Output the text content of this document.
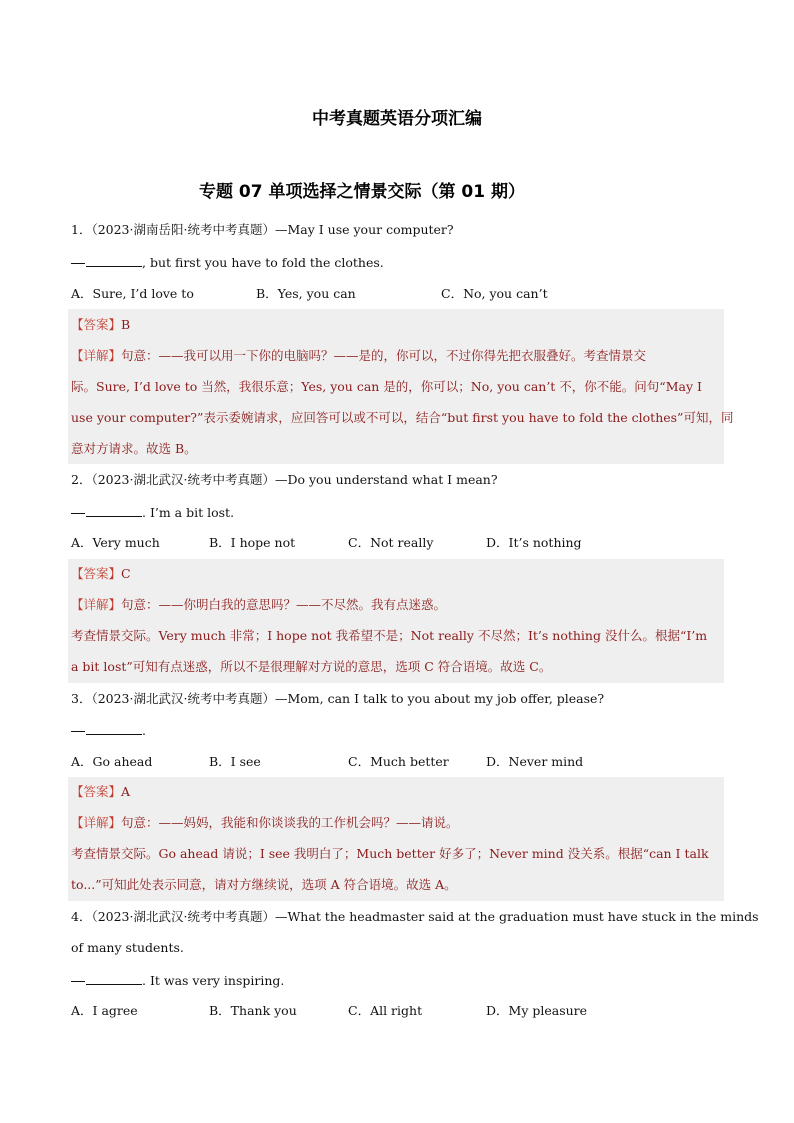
中考真题英语分项汇编
专题 07 单项选择之情景交际（第 01 期）
1．（2023·湖南岳阳·统考中考真题）—May I use your computer?
, but first you have to fold the clothes.
A．Sure, I’d love to	B．Yes, you can	C．No, you can’t
【答案】B
【详解】句意：——我可以用一下你的电脑吗？——是的，你可以，不过你得先把衣服叠好。考查情景交
际。Sure, I’d love to 当然，我很乐意；Yes, you can 是的，你可以；No, you can’t 不，你不能。问句“May I
use your computer?”表示委婉请求，应回答可以或不可以，结合“but first you have to fold the clothes”可知，同
意对方请求。故选 B。
2．（2023·湖北武汉·统考中考真题）—Do you understand what I mean?
. I’m a bit lost.
A．Very much	B．I hope not	C．Not really	D．It’s nothing
【答案】C
【详解】句意：——你明白我的意思吗？——不尽然。我有点迷惑。
考查情景交际。Very much 非常；I hope not 我希望不是；Not really 不尽然；It’s nothing 没什么。根据“I’m
a bit lost”可知有点迷惑，所以不是很理解对方说的意思，选项 C 符合语境。故选 C。
3．（2023·湖北武汉·统考中考真题）—Mom, can I talk to you about my job offer, please?
.
A．Go ahead	B．I see	C．Much better	D．Never mind
【答案】A
【详解】句意：——妈妈，我能和你谈谈我的工作机会吗？——请说。
考查情景交际。Go ahead 请说；I see 我明白了；Much better 好多了；Never mind 没关系。根据“can I talk
to...”可知此处表示同意，请对方继续说，选项 A 符合语境。故选 A。
4．（2023·湖北武汉·统考中考真题）—What the headmaster said at the graduation must have stuck in the minds
of many students.
. It was very inspiring.
A．I agree	B．Thank you	C．All right	D．My pleasure
